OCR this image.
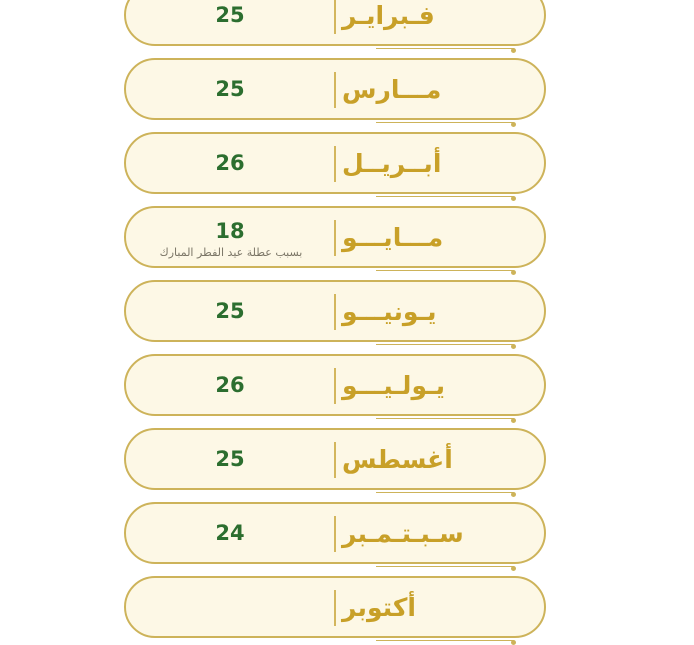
فـبرايـر
25
مـــارس
25
أبــريــل
26
مـــايـــو
18
بسبب عطلة عيد الفطر المبارك
يـونيـــو
25
يـولـيـــو
26
أغسطس
25
سـبـتـمـبر
24
أكتوبر
